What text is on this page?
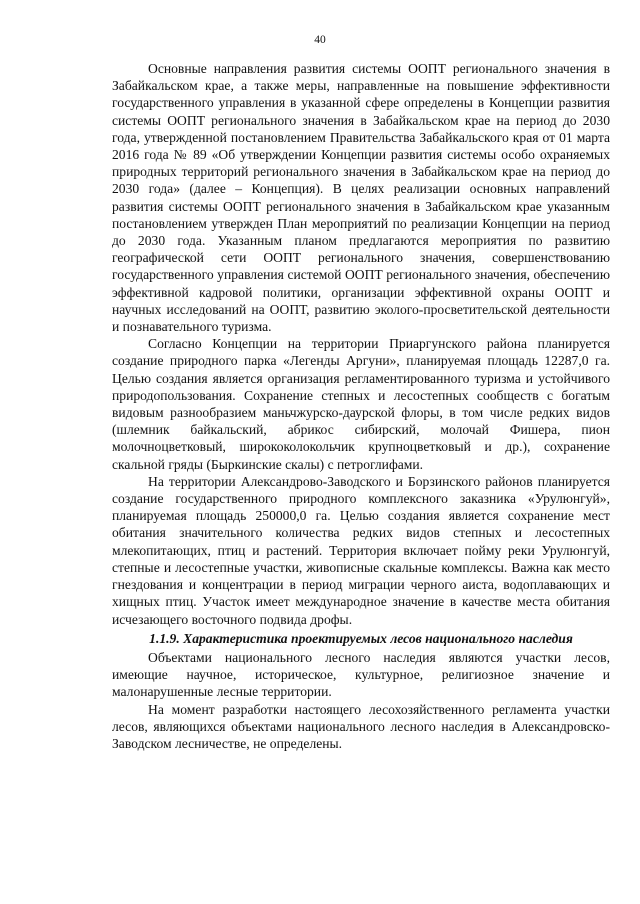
40

Основные направления развития системы ООПТ регионального значения в Забайкальском крае, а также меры, направленные на повышение эффективности государственного управления в указанной сфере определены в Концепции развития системы ООПТ регионального значения в Забайкальском крае на период до 2030 года, утвержденной постановлением Правительства Забайкальского края от 01 марта 2016 года № 89 «Об утверждении Концепции развития системы особо охраняемых природных территорий регионального значения в Забайкальском крае на период до 2030 года» (далее – Концепция). В целях реализации основных направлений развития системы ООПТ регионального значения в Забайкальском крае указанным постановлением утвержден План мероприятий по реализации Концепции на период до 2030 года. Указанным планом предлагаются мероприятия по развитию географической сети ООПТ регионального значения, совершенствованию государственного управления системой ООПТ регионального значения, обеспечению эффективной кадровой политики, организации эффективной охраны ООПТ и научных исследований на ООПТ, развитию эколого-просветительской деятельности и познавательного туризма.

Согласно Концепции на территории Приаргунского района планируется создание природного парка «Легенды Аргуни», планируемая площадь 12287,0 га. Целью создания является организация регламентированного туризма и устойчивого природопользования. Сохранение степных и лесостепных сообществ с богатым видовым разнообразием маньчжурско-даурской флоры, в том числе редких видов (шлемник байкальский, абрикос сибирский, молочай Фишера, пион молочноцветковый, ширококолокольчик крупноцветковый и др.), сохранение скальной гряды (Быркинские скалы) с петроглифами.

На территории Александрово-Заводского и Борзинского районов планируется создание государственного природного комплексного заказника «Урулюнгуй», планируемая площадь 250000,0 га. Целью создания является сохранение мест обитания значительного количества редких видов степных и лесостепных млекопитающих, птиц и растений. Территория включает пойму реки Урулюнгуй, степные и лесостепные участки, живописные скальные комплексы. Важна как место гнездования и концентрации в период миграции черного аиста, водоплавающих и хищных птиц. Участок имеет международное значение в качестве места обитания исчезающего восточного подвида дрофы.

1.1.9. Характеристика проектируемых лесов национального наследия

Объектами национального лесного наследия являются участки лесов, имеющие научное, историческое, культурное, религиозное значение и малонарушенные лесные территории.

На момент разработки настоящего лесохозяйственного регламента участки лесов, являющихся объектами национального лесного наследия в Александровско-Заводском лесничестве, не определены.
